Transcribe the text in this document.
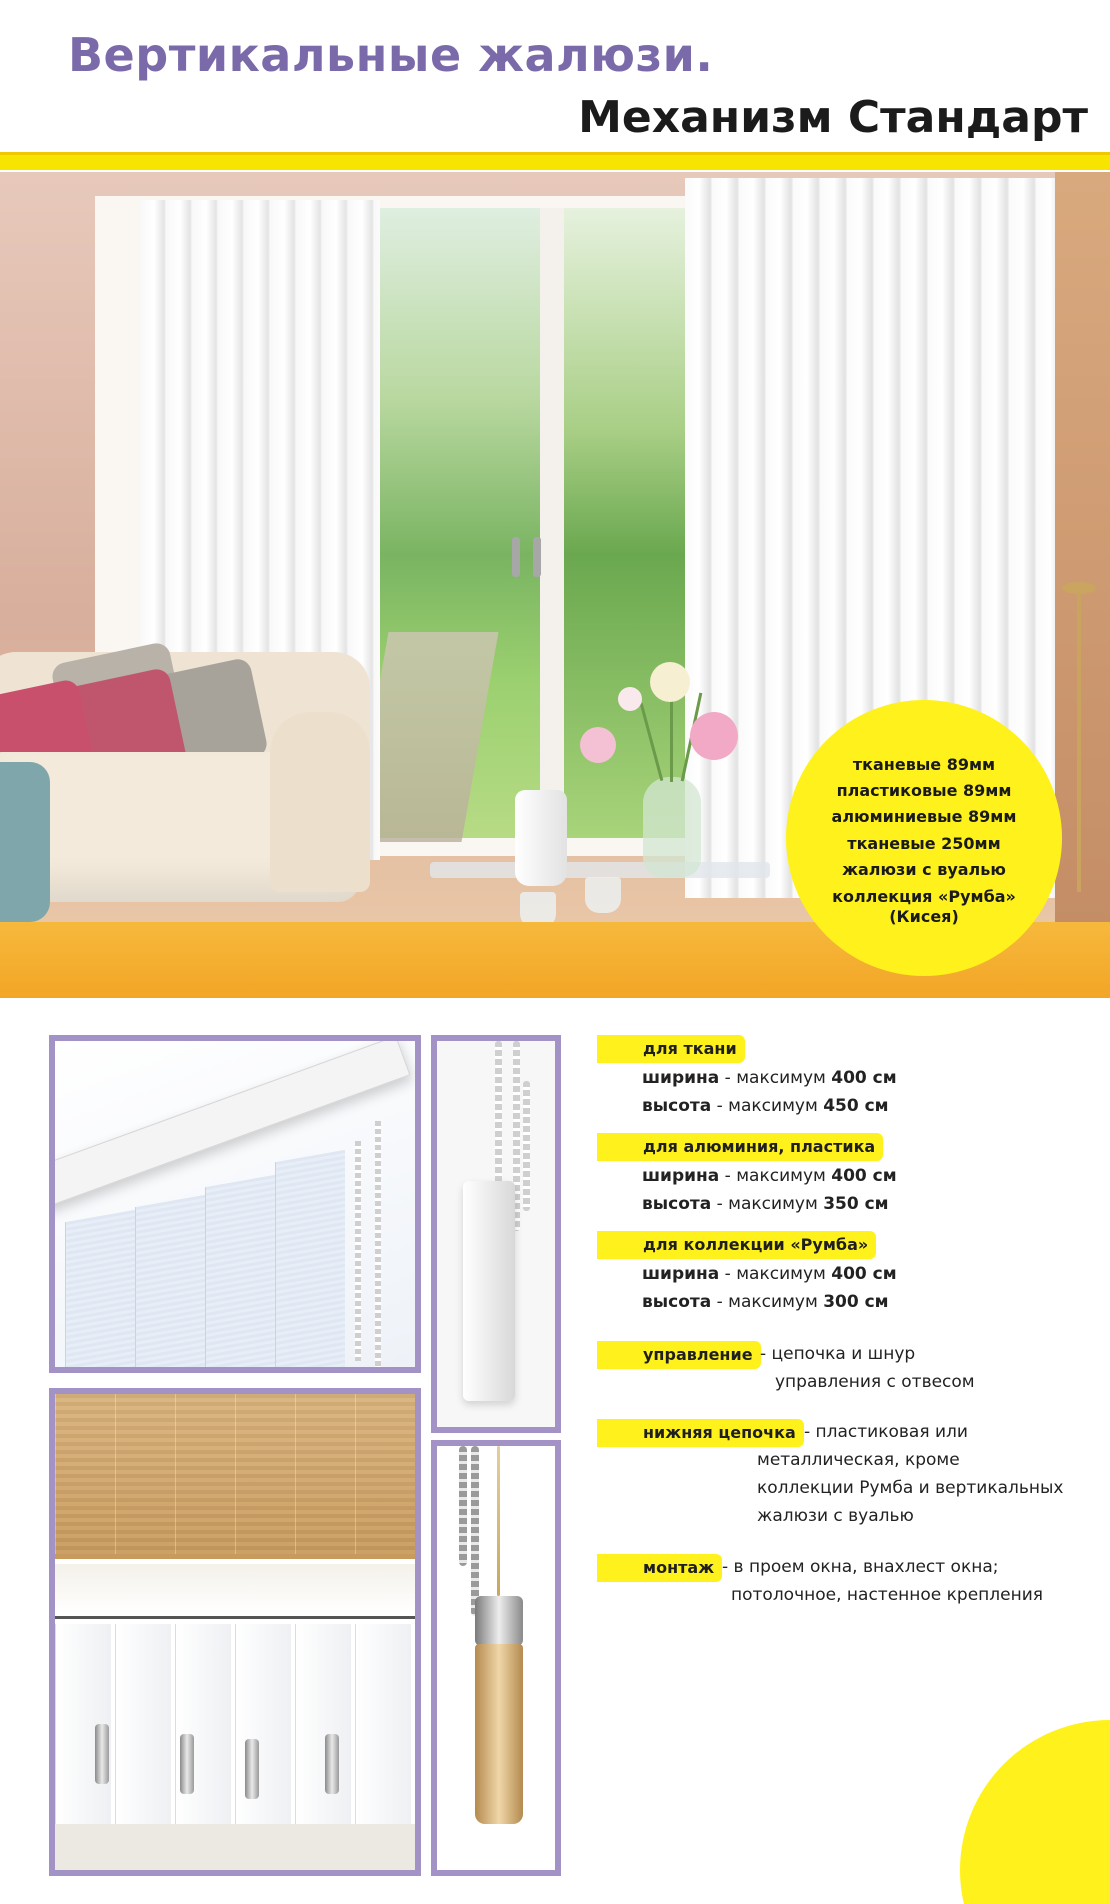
Вертикальные жалюзи.
Механизм Стандарт
тканевые 89мм
пластиковые 89мм
алюминиевые 89мм
тканевые 250мм
жалюзи с вуалью
коллекция «Румба»
(Кисея)
для ткани
ширина - максимум 400 см
высота - максимум 450 см
для алюминия, пластика
ширина - максимум 400 см
высота - максимум 350 см
для коллекции «Румба»
ширина - максимум 400 см
высота - максимум 300 см
управление - цепочка и шнур
управления с отвесом
нижняя цепочка - пластиковая или
металлическая, кроме
коллекции Румба и вертикальных
жалюзи с вуалью
монтаж - в проем окна, внахлест окна;
потолочное, настенное крепления
